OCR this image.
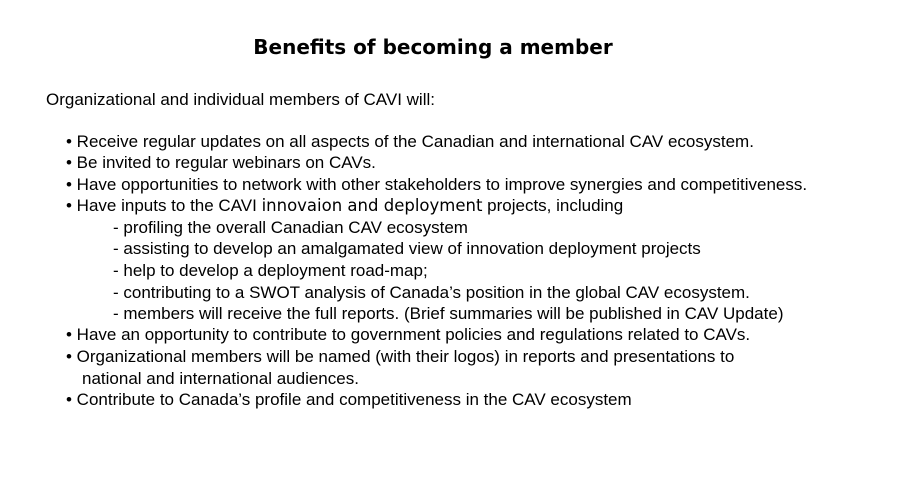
Benefits of becoming a member
Organizational and individual members of CAVI will:
• Receive regular updates on all aspects of the Canadian and international CAV ecosystem.
• Be invited to regular webinars on CAVs.
• Have opportunities to network with other stakeholders to improve synergies and competitiveness.
• Have inputs to the CAVI innovaion and deployment projects, including
- profiling the overall Canadian CAV ecosystem
- assisting to develop an amalgamated view of innovation deployment projects
- help to develop a deployment road-map;
- contributing to a SWOT analysis of Canada’s position in the global CAV ecosystem.
- members will receive the full reports. (Brief summaries will be published in CAV Update)
• Have an opportunity to contribute to government policies and regulations related to CAVs.
• Organizational members will be named (with their logos) in reports and presentations to
national and international audiences.
• Contribute to Canada’s profile and competitiveness in the CAV ecosystem
